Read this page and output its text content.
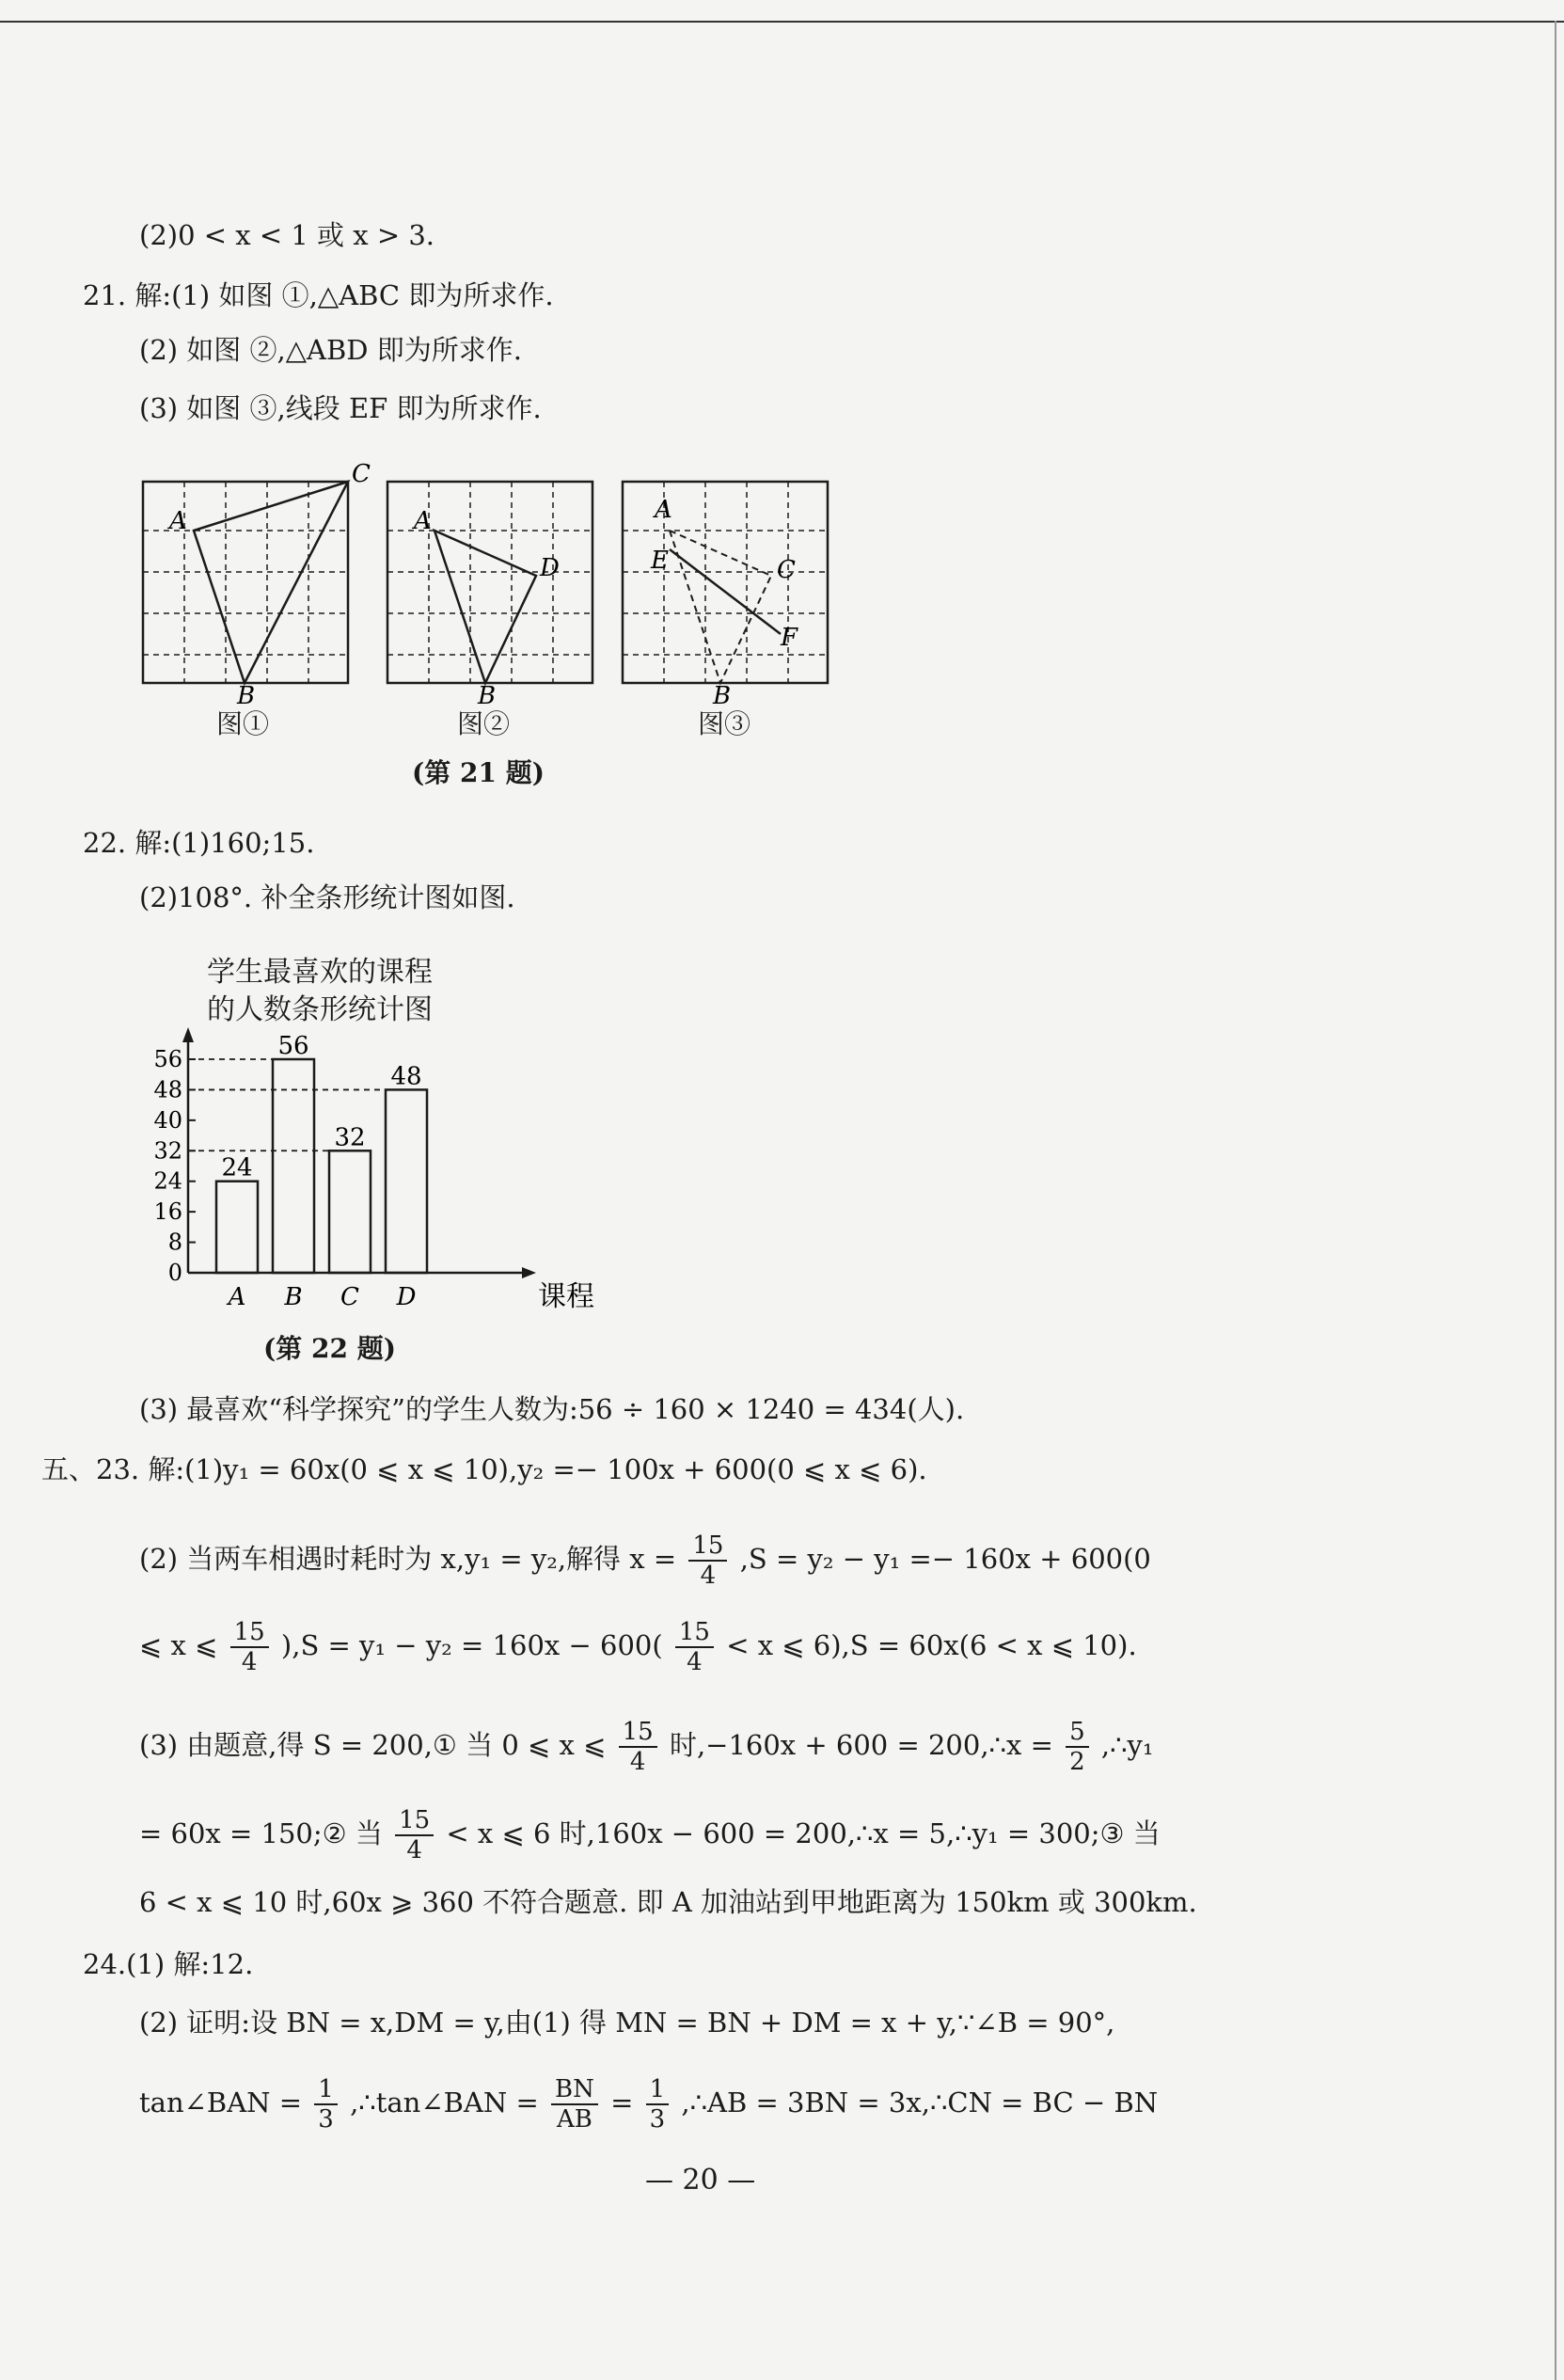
(2)0 < x < 1 或 x > 3.
21. 解:(1) 如图 ①,△ABC 即为所求作.
(2) 如图 ②,△ABD 即为所求作.
(3) 如图 ③,线段 EF 即为所求作.
A
C
B
图①
A
D
B
图②
A
E	C
F
B
图③
(第 21 题)
22. 解:(1)160;15.
(2)108°. 补全条形统计图如图.
学生最喜欢的课程
的人数条形统计图
课程
56
48
40
32
24
16
8
0
24
A
56
B
32
C
48
D
(第 22 题)
(3) 最喜欢“科学探究”的学生人数为:56 ÷ 160 × 1240 = 434(人).
五、23. 解:(1)y₁ = 60x(0 ⩽ x ⩽ 10),y₂ =− 100x + 600(0 ⩽ x ⩽ 6).
(2) 当两车相遇时耗时为 x,y₁ = y₂,解得 $x = \frac{15}{4} ,S = y_2 - y_1 =- 160x + 600(0$
⩽ x ⩽ $\frac{15}{4} ),S = y_1 - y_2 = 160x - 600( \frac{15}{4} < x$ ⩽ 6),S = 60x(6 < x ⩽ 10).
(3) 由题意,得 S = 200,① 当 0 ⩽ x ⩽ $\frac{15}{4}$ 时,−160x + 600 = 200,∴x = $\frac{5}{2}$ ,∴y₁
= 60x = 150;② 当 $\frac{15}{4} < x$ ⩽ 6 时,160x − 600 = 200,∴x = 5,∴y₁ = 300;③ 当
6 < x ⩽ 10 时,60x ⩾ 360 不符合题意. 即 A 加油站到甲地距离为 150km 或 300km.
24.(1) 解:12.
(2) 证明:设 BN = x,DM = y,由(1) 得 MN = BN + DM = x + y,∵∠B = 90°,
tan∠BAN = $\frac{1}{3}$ ,∴tan∠BAN = $\frac{BN}{AB} = \frac{1}{3}$ ,∴AB = 3BN = 3x,∴CN = BC − BN
— 20 —
